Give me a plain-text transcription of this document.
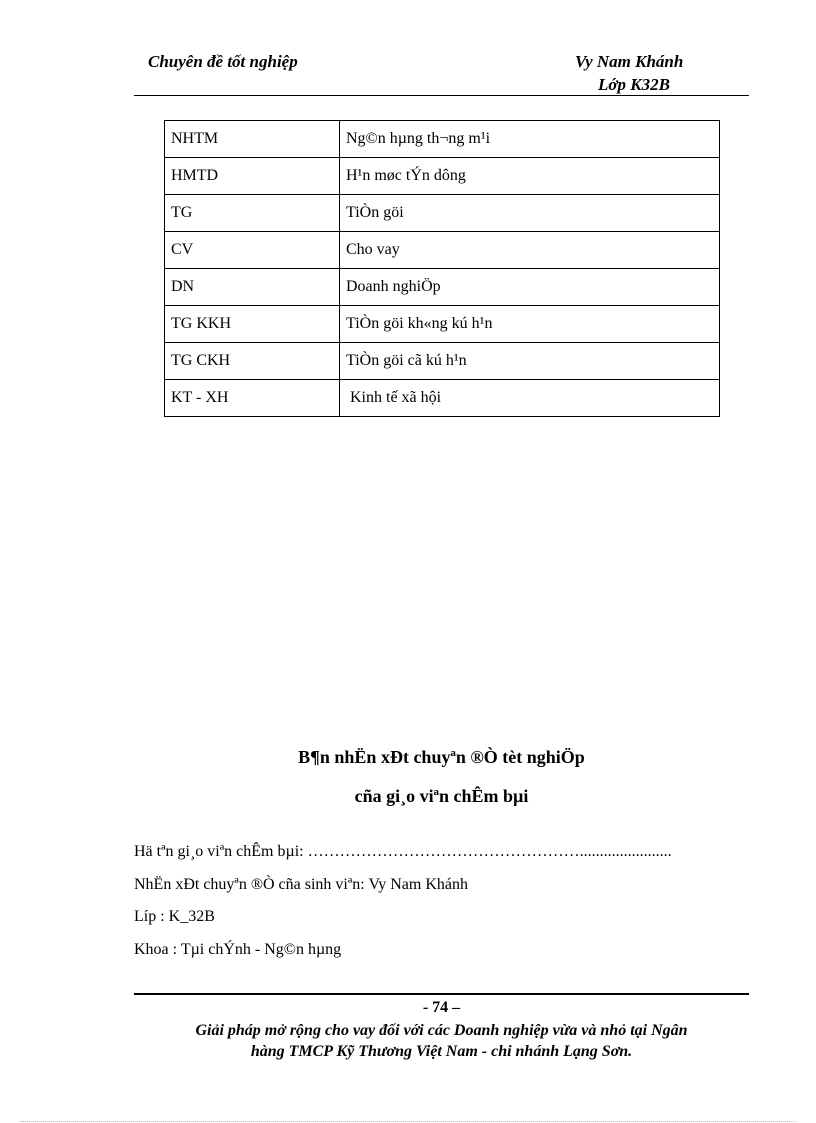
Chuyên đề tốt nghiệp	Vy Nam Khánh
Lớp K32B
NHTM	Ng©n hµng th¬ng m¹i
HMTD	H¹n møc tÝn dông
TG	TiÒn göi
CV	Cho vay
DN	Doanh nghiÖp
TG KKH	TiÒn göi kh«ng kú h¹n
TG CKH	TiÒn göi cã kú h¹n
KT - XH	Kinh tế xã hội
B¶n nhËn xÐt chuyªn ®Ò tèt nghiÖp
cña gi¸o viªn chÊm bµi
Hä tªn gi¸o viªn chÊm bµi: …………………………………………….......................
NhËn xÐt chuyªn ®Ò cña sinh viªn: Vy Nam Khánh
Líp : K_32B
Khoa : Tµi chÝnh - Ng©n hµng
- 74 –
Giải pháp mở rộng cho vay đối với các Doanh nghiệp vừa và nhỏ tại Ngân
hàng TMCP Kỹ Thương Việt Nam - chi nhánh Lạng Sơn.
